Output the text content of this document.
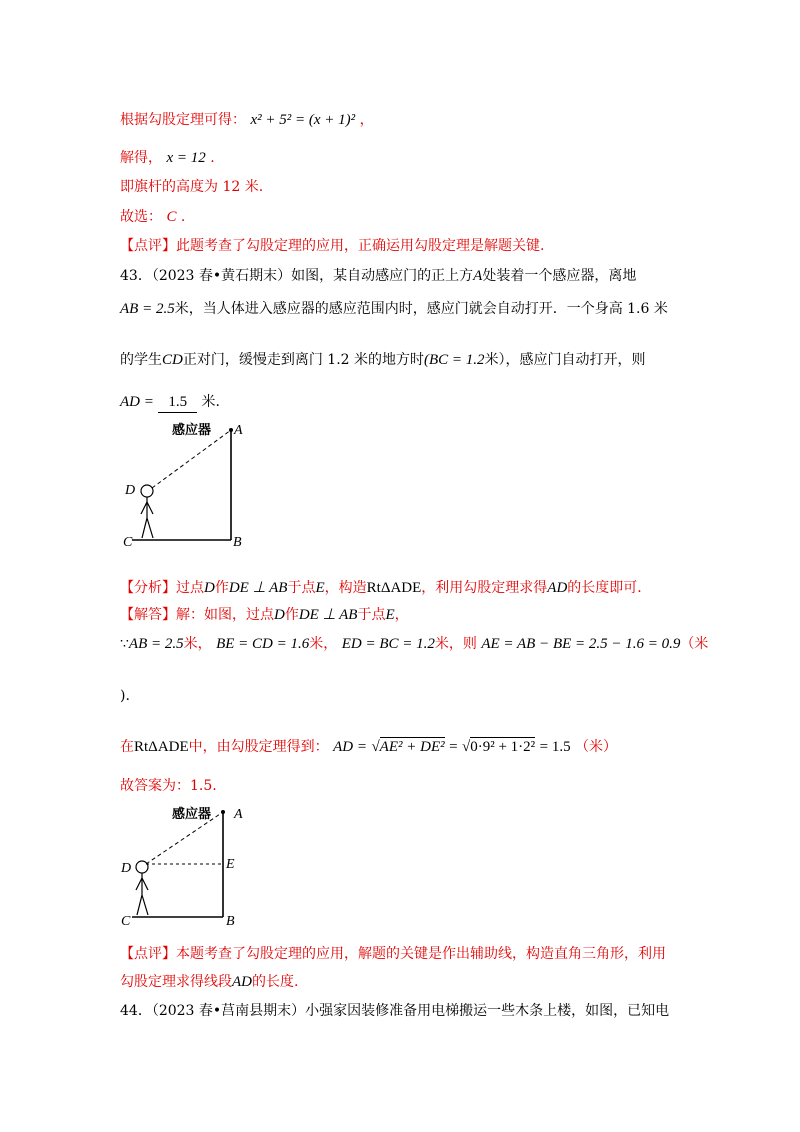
根据勾股定理可得： x² + 5² = (x + 1)² ，
解得， x = 12 .
即旗杆的高度为 12 米.
故选： C .
【点评】此题考查了勾股定理的应用，正确运用勾股定理是解题关键.
43．（2023 春•黄石期末）如图，某自动感应门的正上方A处装着一个感应器，离地
AB = 2.5米，当人体进入感应器的感应范围内时，感应门就会自动打开．一个身高 1.6 米
的学生CD正对门，缓慢走到离门 1.2 米的地方时(BC = 1.2米），感应门自动打开，则
AD = 1.5 米.
感应器 A
D
C	B
【分析】过点D作DE ⊥ AB于点E，构造RtΔADE，利用勾股定理求得AD的长度即可.
【解答】解：如图，过点D作DE ⊥ AB于点E，
∵AB = 2.5米， BE = CD = 1.6米， ED = BC = 1.2米，则 AE = AB − BE = 2.5 − 1.6 = 0.9（米
).
在RtΔADE中，由勾股定理得到： AD = √AE² + DE² = √0·9² + 1·2² = 1.5 （米）
故答案为：1.5.
感应器 A
D	E
C	B
【点评】本题考查了勾股定理的应用，解题的关键是作出辅助线，构造直角三角形，利用
勾股定理求得线段AD的长度.
44．（2023 春•莒南县期末）小强家因装修准备用电梯搬运一些木条上楼，如图，已知电
